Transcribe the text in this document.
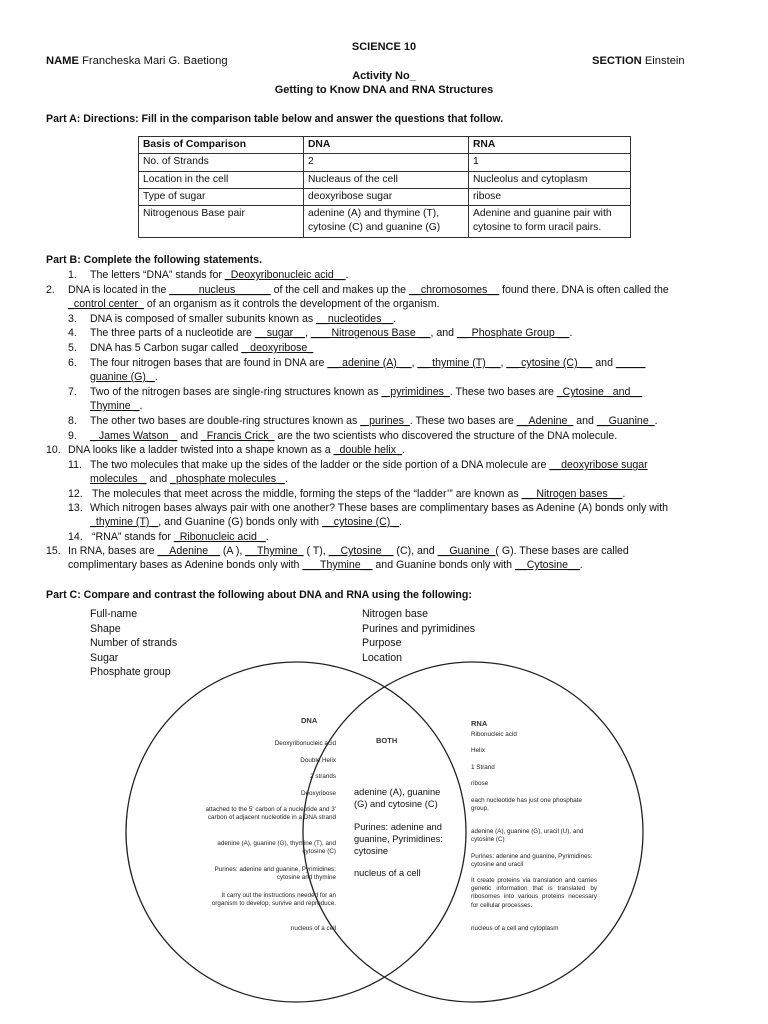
SCIENCE 10
NAME Francheska Mari G. Baetiong	SECTION Einstein
Activity No_
Getting to Know DNA and RNA Structures
Part A: Directions: Fill in the comparison table below and answer the questions that follow.
Basis of Comparison	DNA	RNA
No. of Strands	2	1
Location in the cell	Nucleaus of the cell	Nucleolus and cytoplasm
Type of sugar	deoxyribose sugar	ribose
Nitrogenous Base pair	adenine (A) and thymine (T), cytosine (C) and guanine (G)	Adenine and guanine pair with cytosine to form uracil pairs.
Part B: Complete the following statements.
1. The letters “DNA” stands for _Deoxyribonucleic acid__.
2. DNA is located in the _____nucleus______ of the cell and makes up the __chromosomes__ found there. DNA is often called the
_control center_ of an organism as it controls the development of the organism.
3. DNA is composed of smaller subunits known as __nucleotides__.
4. The three parts of a nucleotide are __sugar__, ___ Nitrogenous Base __, and __ Phosphate Group __.
5. DNA has 5 Carbon sugar called _ deoxyribose_
6. The four nitrogen bases that are found in DNA are __ adenine (A) __, __ thymine (T) __, __ cytosine (C) __ and _____
guanine (G) _.
7. Two of the nitrogen bases are single-ring structures known as _ pyrimidines_. These two bases are _Cytosine _and__
Thymine _.
8. The other two bases are double-ring structures known as _ purines_. These two bases are __Adenine_ and __Guanine_.
9. _ James Watson _ and _Francis Crick_ are the two scientists who discovered the structure of the DNA molecule.
10. DNA looks like a ladder twisted into a shape known as a _double helix_.
11. The two molecules that make up the sides of the ladder or the side portion of a DNA molecule are __deoxyribose sugar
molecules _ and _phosphate molecules _.
12. The molecules that meet across the middle, forming the steps of the “ladder’” are known as __ Nitrogen bases __.
13. Which nitrogen bases always pair with one another? These bases are complimentary bases as Adenine (A) bonds only with
_thymine (T) _, and Guanine (G) bonds only with __cytosine (C) _.
14. “RNA” stands for _Ribonucleic acid _.
15. In RNA, bases are __Adenine__ (A ), __Thymine_ ( T), __Cytosine__ (C), and __Guanine_( G). These bases are called
complimentary bases as Adenine bonds only with ___Thymine__ and Guanine bonds only with __Cytosine__.
Part C: Compare and contrast the following about DNA and RNA using the following:
Full-name
Shape
Number of strands
Sugar
Phosphate group
Nitrogen base
Purines and pyrimidines
Purpose
Location
DNA	RNA
BOTH
Deoxyribonucleic acid
Double Helix
2 strands
Deoxyribose
attached to the 5' carbon of a nucleotide and 3' carbon of adjacent nucleotide in a DNA strand
adenine (A), guanine (G), thymine (T), and cytosine (C)
Purines: adenine and guanine, Pyrimidines: cytosine and thymine
It carry out the instructions needed for an organism to develop, survive and reproduce.
nucleus of a cell
adenine (A), guanine (G) and cytosine (C)
Purines: adenine and guanine, Pyrimidines: cytosine
nucleus of a cell
Ribonucleic acid
Helix
1 Strand
ribose
each nucleotide has just one phosphate group.
adenine (A), guanine (G), uracil (U), and cytosine (C)
Purines: adenine and guanine, Pyrimidines: cytosine and uracil
It create proteins via translation and carries genetic information that is translated by ribosomes into various proteins necessary for cellular processes.
nucleus of a cell and cytoplasm
